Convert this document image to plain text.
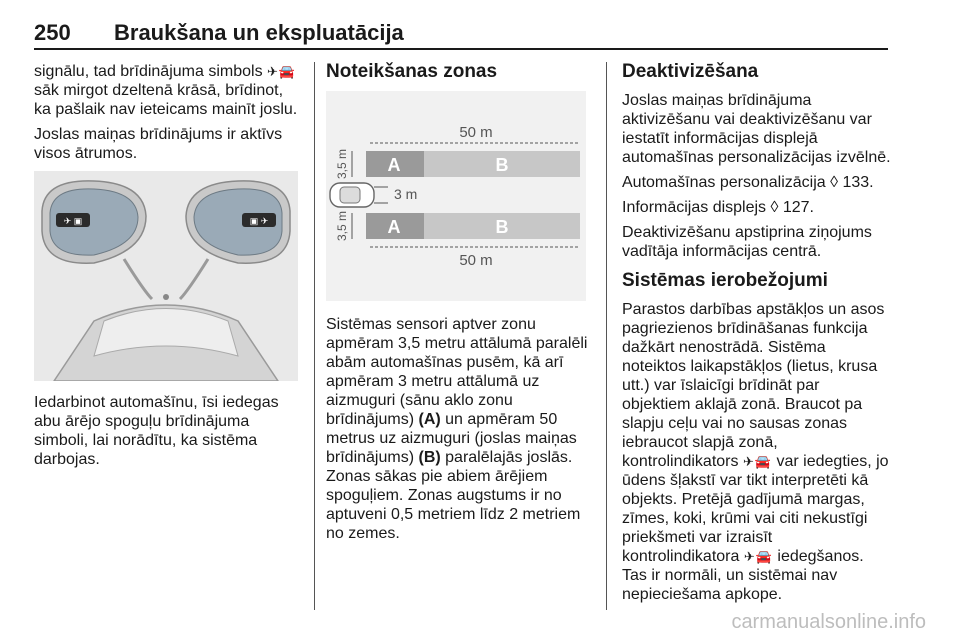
250 Braukšana un ekspluatācija

signālu, tad brīdinājuma simbols ✈🚘 sāk mirgot dzeltenā krāsā, brīdinot, ka pašlaik nav ieteicams mainīt joslu.

Joslas maiņas brīdinājums ir aktīvs visos ātrumos.

✈ ▣	▣ ✈

Iedarbinot automašīnu, īsi iedegas abu ārējo spoguļu brīdinājuma simboli, lai norādītu, ka sistēma darbojas.

Noteikšanas zonas
50 m
A	B
3,5 m
3 m
A	B
3,5 m
50 m

Sistēmas sensori aptver zonu apmēram 3,5 metru attālumā paralēli abām automašīnas pusēm, kā arī apmēram 3 metru attālumā uz aizmuguri (sānu aklo zonu brīdinājums) (A) un apmēram 50 metrus uz aizmuguri (joslas maiņas brīdinājums) (B) paralēlajās joslās. Zonas sākas pie abiem ārējiem spoguļiem. Zonas augstums ir no aptuveni 0,5 metriem līdz 2 metriem no zemes.

Deaktivizēšana

Joslas maiņas brīdinājuma aktivizēšanu vai deaktivizēšanu var iestatīt informācijas displejā automašīnas personalizācijas izvēlnē.

Automašīnas personalizācija ◊ 133.

Informācijas displejs ◊ 127.

Deaktivizēšanu apstiprina ziņojums vadītāja informācijas centrā.

Sistēmas ierobežojumi

Parastos darbības apstākļos un asos pagriezienos brīdināšanas funkcija dažkārt nenostrādā. Sistēma noteiktos laikapstākļos (lietus, krusa utt.) var īslaicīgi brīdināt par objektiem aklajā zonā. Braucot pa slapju ceļu vai no sausas zonas iebraucot slapjā zonā, kontrolindikators ✈🚘 var iedegties, jo ūdens šļakstī var tikt interpretēti kā objekts. Pretējā gadījumā margas, zīmes, koki, krūmi vai citi nekustīgi priekšmeti var izraisīt kontrolindikatora ✈🚘 iedegšanos. Tas ir normāli, un sistēmai nav nepieciešama apkope.

carmanualsonline.info
